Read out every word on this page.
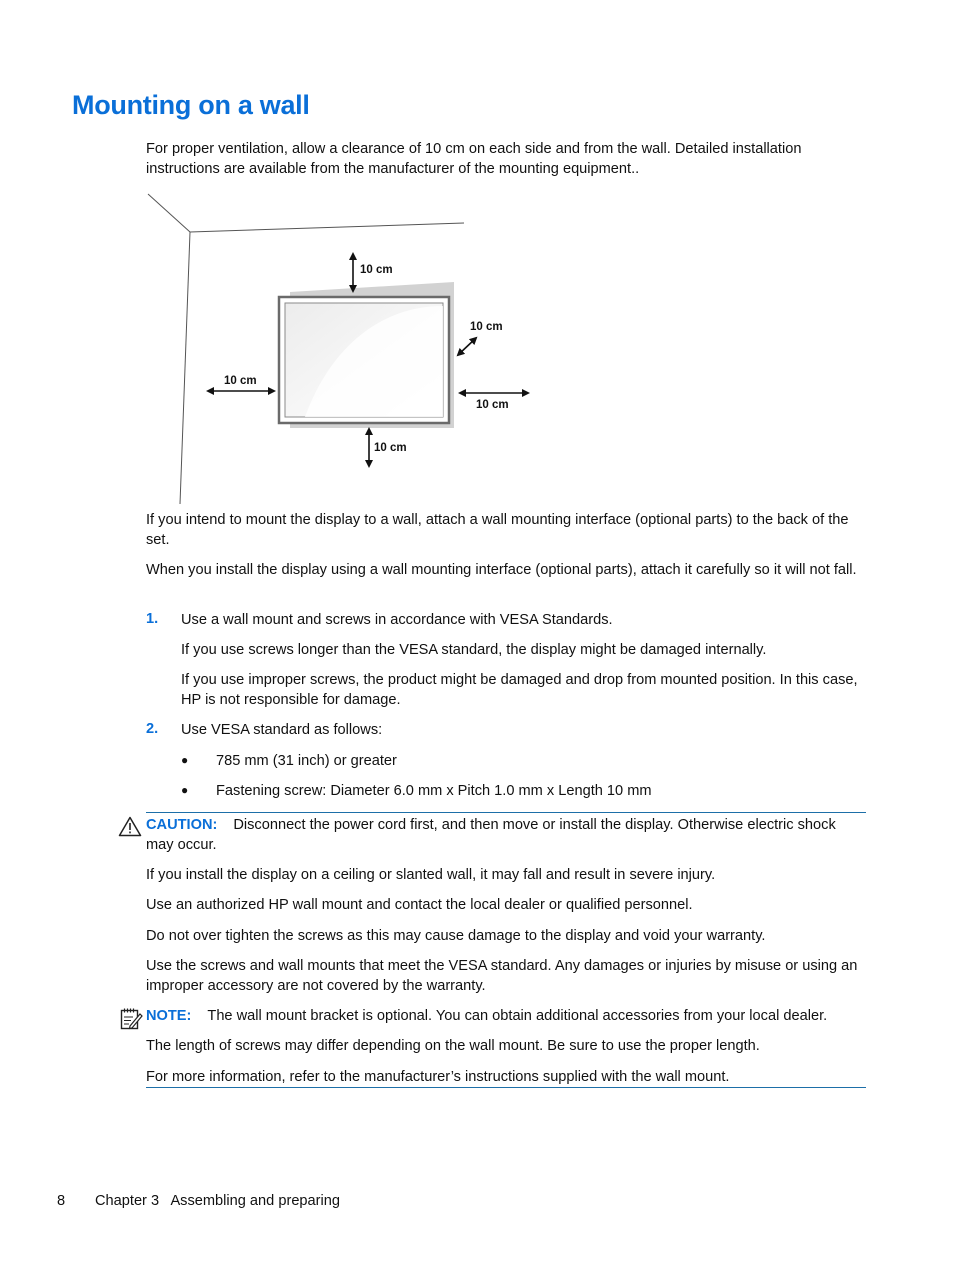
Mounting on a wall

For proper ventilation, allow a clearance of 10 cm on each side and from the wall. Detailed installation instructions are available from the manufacturer of the mounting equipment..

10 cm
10 cm
10 cm
10 cm
10 cm

If you intend to mount the display to a wall, attach a wall mounting interface (optional parts) to the back of the set.

When you install the display using a wall mounting interface (optional parts), attach it carefully so it will not fall.

1. Use a wall mount and screws in accordance with VESA Standards.

If you use screws longer than the VESA standard, the display might be damaged internally.

If you use improper screws, the product might be damaged and drop from mounted position. In this case, HP is not responsible for damage.

2. Use VESA standard as follows:

● 785 mm (31 inch) or greater

● Fastening screw: Diameter 6.0 mm x Pitch 1.0 mm x Length 10 mm

CAUTION: Disconnect the power cord first, and then move or install the display. Otherwise electric shock may occur.

If you install the display on a ceiling or slanted wall, it may fall and result in severe injury.

Use an authorized HP wall mount and contact the local dealer or qualified personnel.

Do not over tighten the screws as this may cause damage to the display and void your warranty.

Use the screws and wall mounts that meet the VESA standard. Any damages or injuries by misuse or using an improper accessory are not covered by the warranty.

NOTE: The wall mount bracket is optional. You can obtain additional accessories from your local dealer.

The length of screws may differ depending on the wall mount. Be sure to use the proper length.

For more information, refer to the manufacturer’s instructions supplied with the wall mount.

8 Chapter 3   Assembling and preparing
